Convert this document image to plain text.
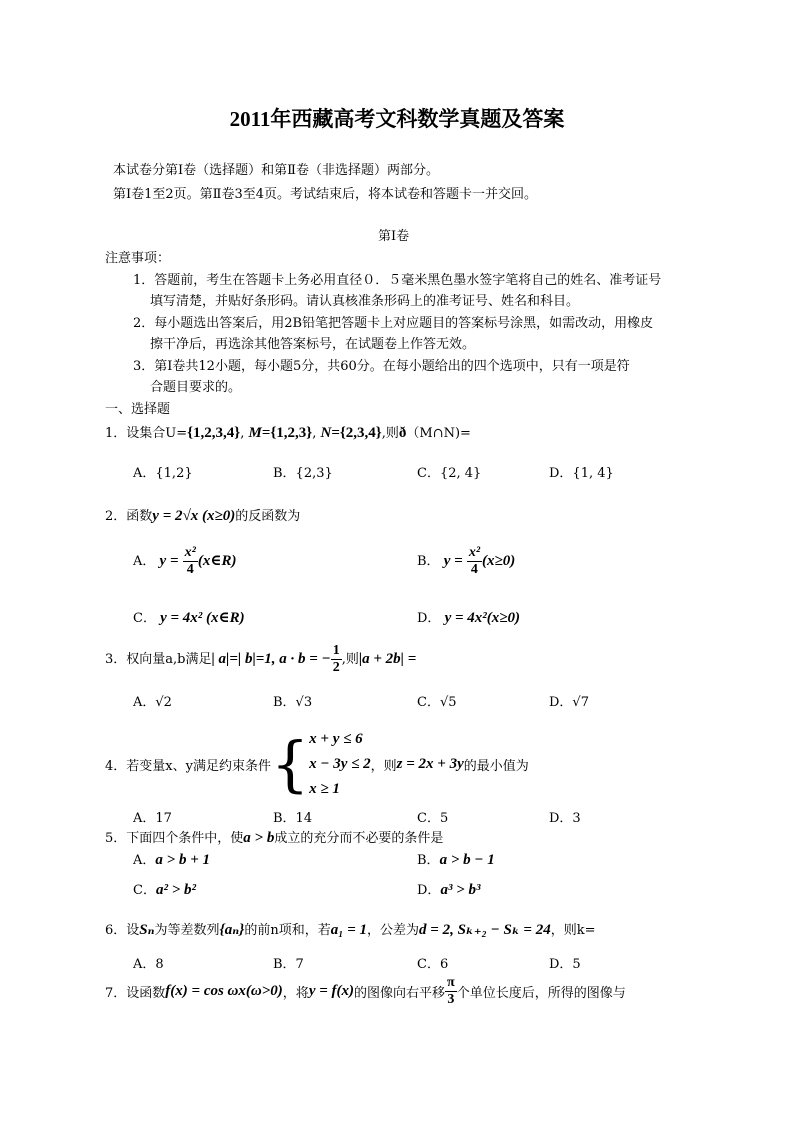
2011年西藏高考文科数学真题及答案
本试卷分第Ⅰ卷（选择题）和第Ⅱ卷（非选择题）两部分。
第Ⅰ卷1至2页。第Ⅱ卷3至4页。考试结束后，将本试卷和答题卡一并交回。
第Ⅰ卷
注意事项：
1．答题前，考生在答题卡上务必用直径０．５毫米黑色墨水签字笔将自己的姓名、准考证号
填写清楚，并贴好条形码。请认真核准条形码上的准考证号、姓名和科目。
2．每小题选出答案后，用2B铅笔把答题卡上对应题目的答案标号涂黑，如需改动，用橡皮
擦干净后，再选涂其他答案标号，在试题卷上作答无效。
3．第Ⅰ卷共12小题，每小题5分，共60分。在每小题给出的四个选项中，只有一项是符
合题目要求的。
一、选择题
1．设集合U={1,2,3,4}, M={1,2,3}, N={2,3,4},则ð（M∩N)=
A．{1,2}	B．{2,3}	C．{2, 4}	D．{1, 4}
2．函数y = 2√x (x≥0)的反函数为
A． $y = \frac{\text{x²}}{4}$ (x∈R)	B． $y = \frac{\text{x²}}{4} (x\ge 0)$
C． y = 4x² (x∈R)	D． y = 4x²(x≥0)
3．权向量a,b满足| a|=| b|=1, a · b = − $\frac{1}{2}$ ,则|a + 2b| =
A．√2	B．√3	C．√5	D．√7
4．若变量x、y满足约束条件{ x + y ≤ 6
x − 3y ≤ 2
x ≥ 1
，则z = 2x + 3y的最小值为
A．17	B．14	C．5	D．3
5．下面四个条件中，使a > b成立的充分而不必要的条件是
A．a > b + 1	B．a > b − 1
C．a² > b²	D．a³ > b³
6．设Sₙ为等差数列{aₙ}的前n项和，若a₁ = 1，公差为d = 2, Sₖ₊₂ − Sₖ = 24，则k=
A．8	B．7	C．6	D．5
7．设函数f(x) = cos ωx(ω>0)，将y = f(x)的图像向右平移 $\frac{\pi}{3}$ 个单位长度后，所得的图像与
